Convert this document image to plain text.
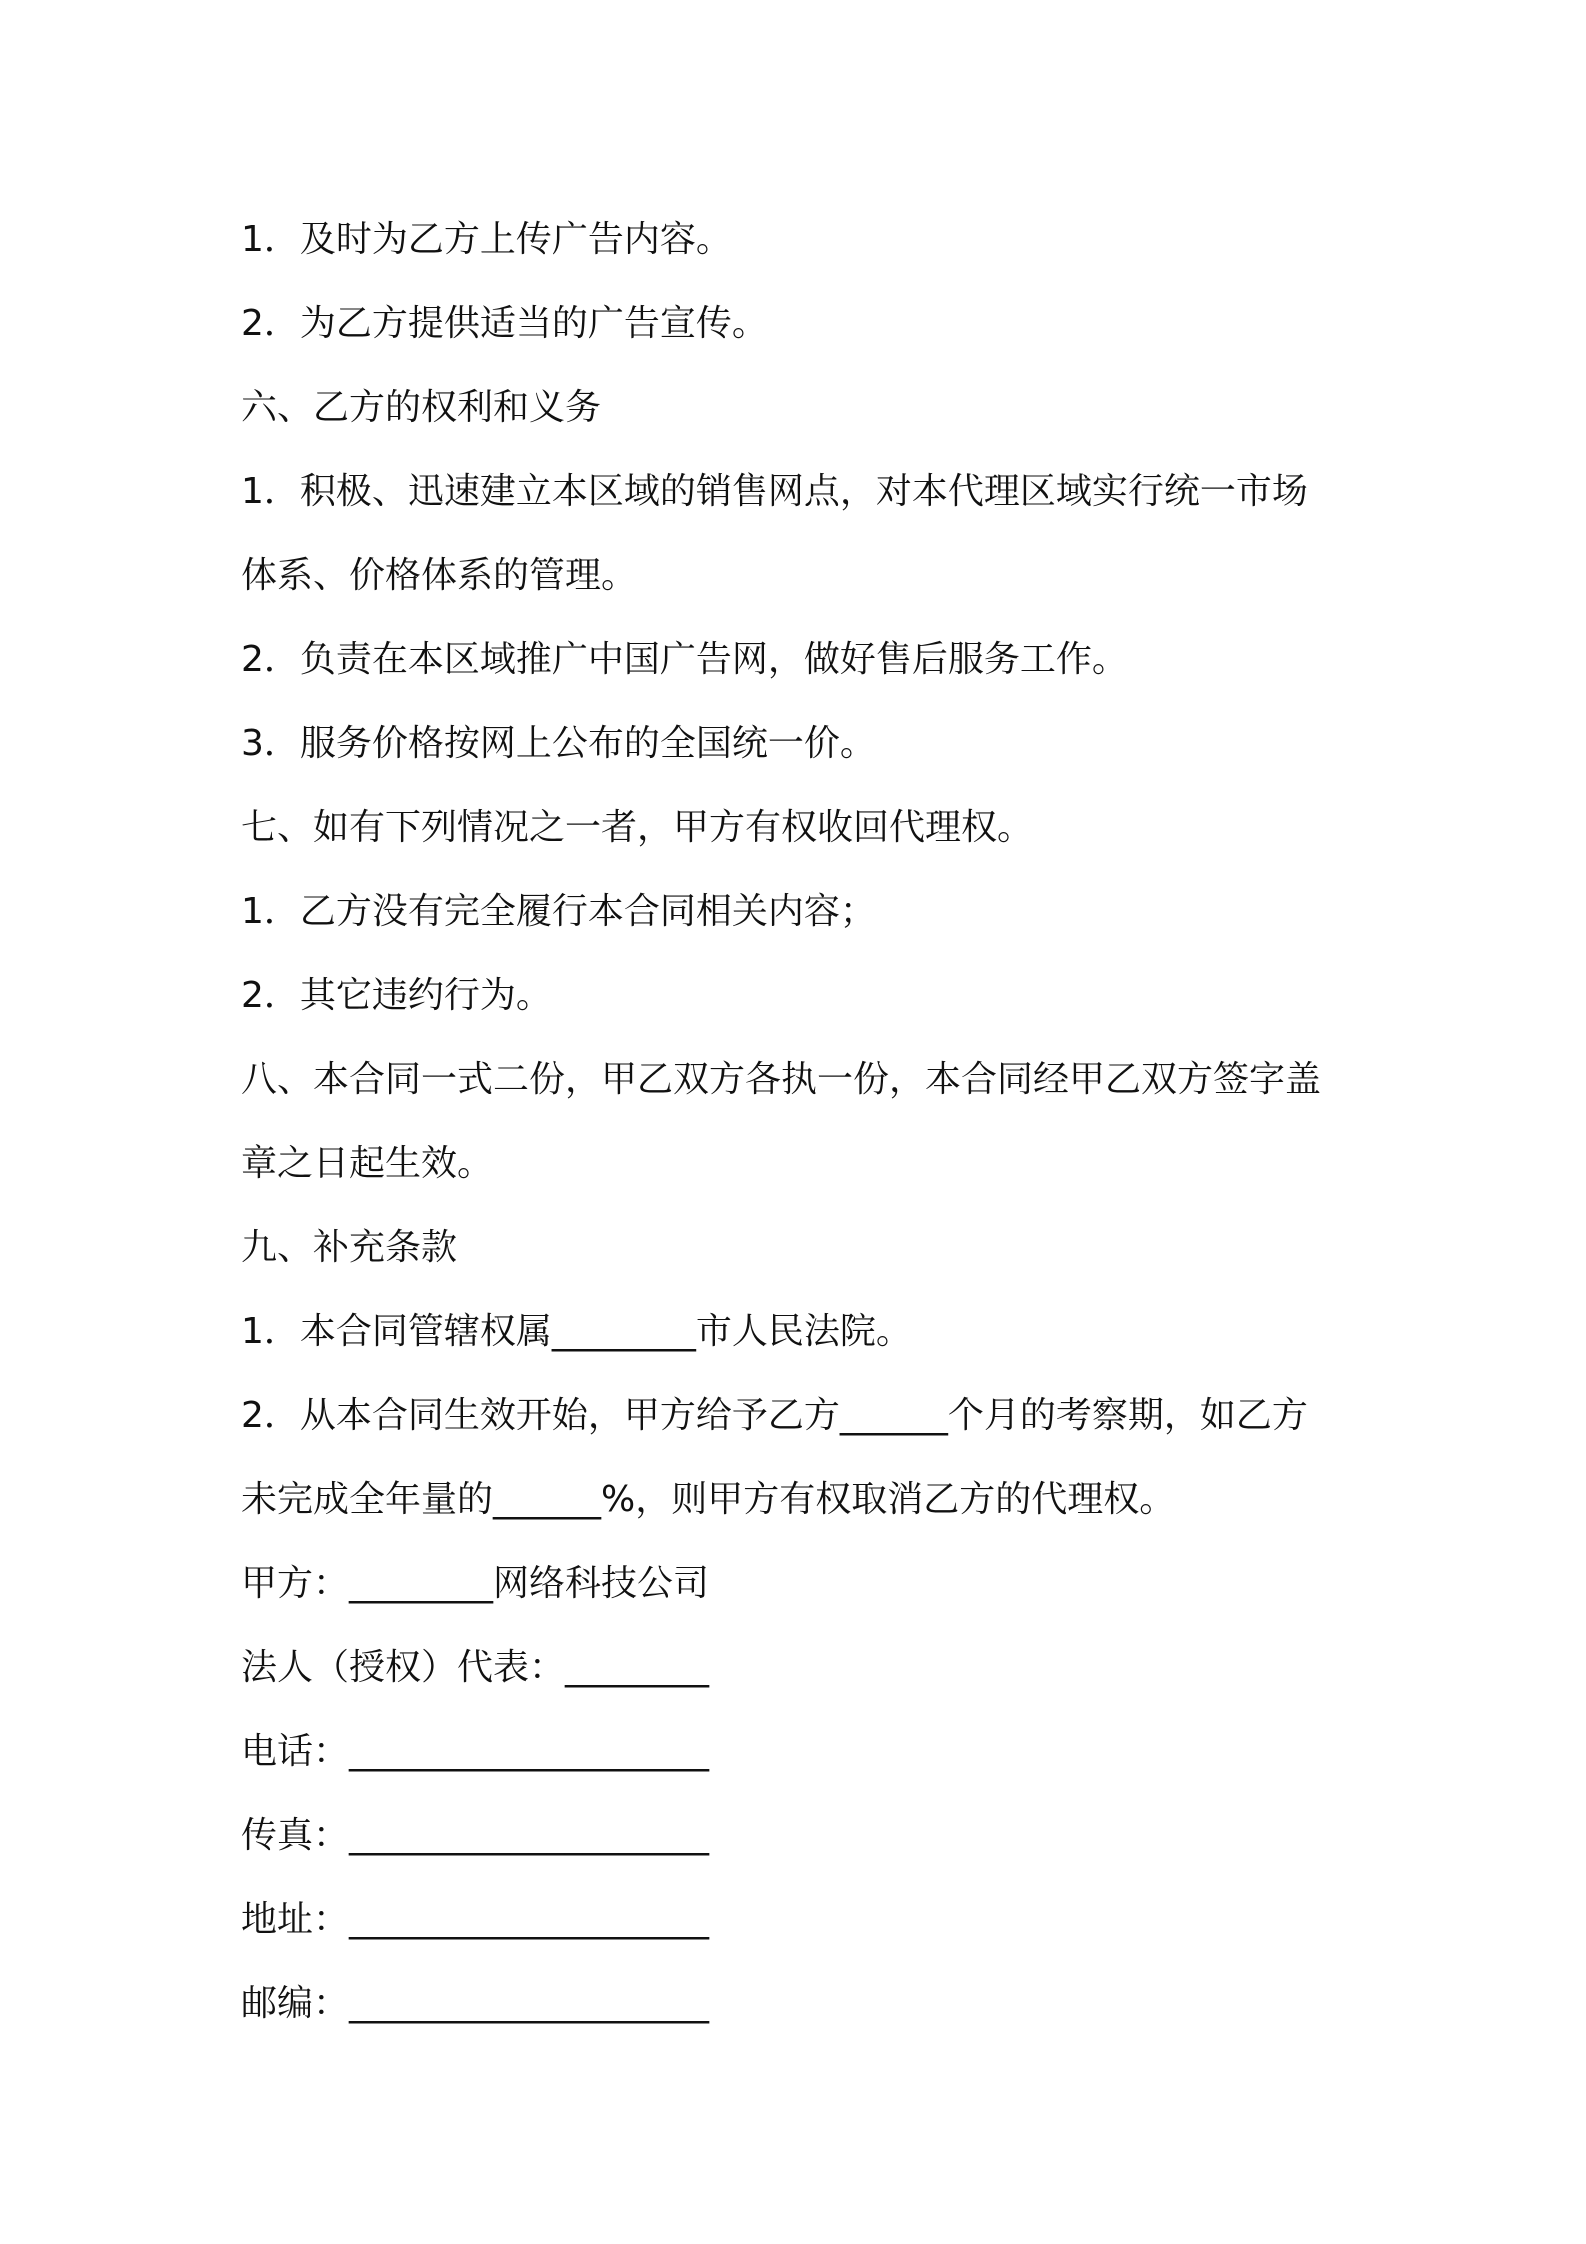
1．及时为乙方上传广告内容。
2．为乙方提供适当的广告宣传。
六、乙方的权利和义务
1．积极、迅速建立本区域的销售网点，对本代理区域实行统一市场
体系、价格体系的管理。
2．负责在本区域推广中国广告网，做好售后服务工作。
3．服务价格按网上公布的全国统一价。
七、如有下列情况之一者，甲方有权收回代理权。
1．乙方没有完全履行本合同相关内容；
2．其它违约行为。
八、本合同一式二份，甲乙双方各执一份，本合同经甲乙双方签字盖
章之日起生效。
九、补充条款
1．本合同管辖权属________市人民法院。
2．从本合同生效开始，甲方给予乙方______个月的考察期，如乙方
未完成全年量的______%，则甲方有权取消乙方的代理权。
甲方：________网络科技公司
法人（授权）代表：________
电话：____________________
传真：____________________
地址：____________________
邮编：____________________
